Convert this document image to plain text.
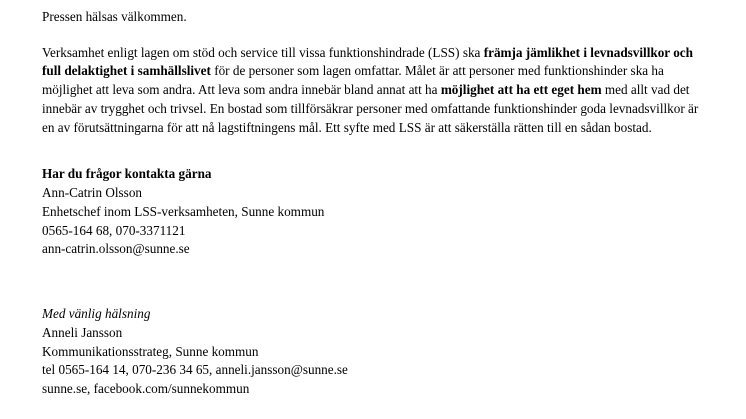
Pressen hälsas välkommen.

Verksamhet enligt lagen om stöd och service till vissa funktionshindrade (LSS) ska främja jämlikhet i levnadsvillkor och full delaktighet i samhällslivet för de personer som lagen omfattar. Målet är att personer med funktionshinder ska ha möjlighet att leva som andra. Att leva som andra innebär bland annat att ha möjlighet att ha ett eget hem med allt vad det innebär av trygghet och trivsel. En bostad som tillförsäkrar personer med omfattande funktionshinder goda levnadsvillkor är en av förutsättningarna för att nå lagstiftningens mål. Ett syfte med LSS är att säkerställa rätten till en sådan bostad.

Har du frågor kontakta gärna

Ann-Catrin Olsson
Enhetschef inom LSS-verksamheten, Sunne kommun
0565-164 68, 070-3371121
ann-catrin.olsson@sunne.se

Med vänlig hälsning

Anneli Jansson
Kommunikationsstrateg, Sunne kommun
tel 0565-164 14, 070-236 34 65, anneli.jansson@sunne.se
sunne.se, facebook.com/sunnekommun
